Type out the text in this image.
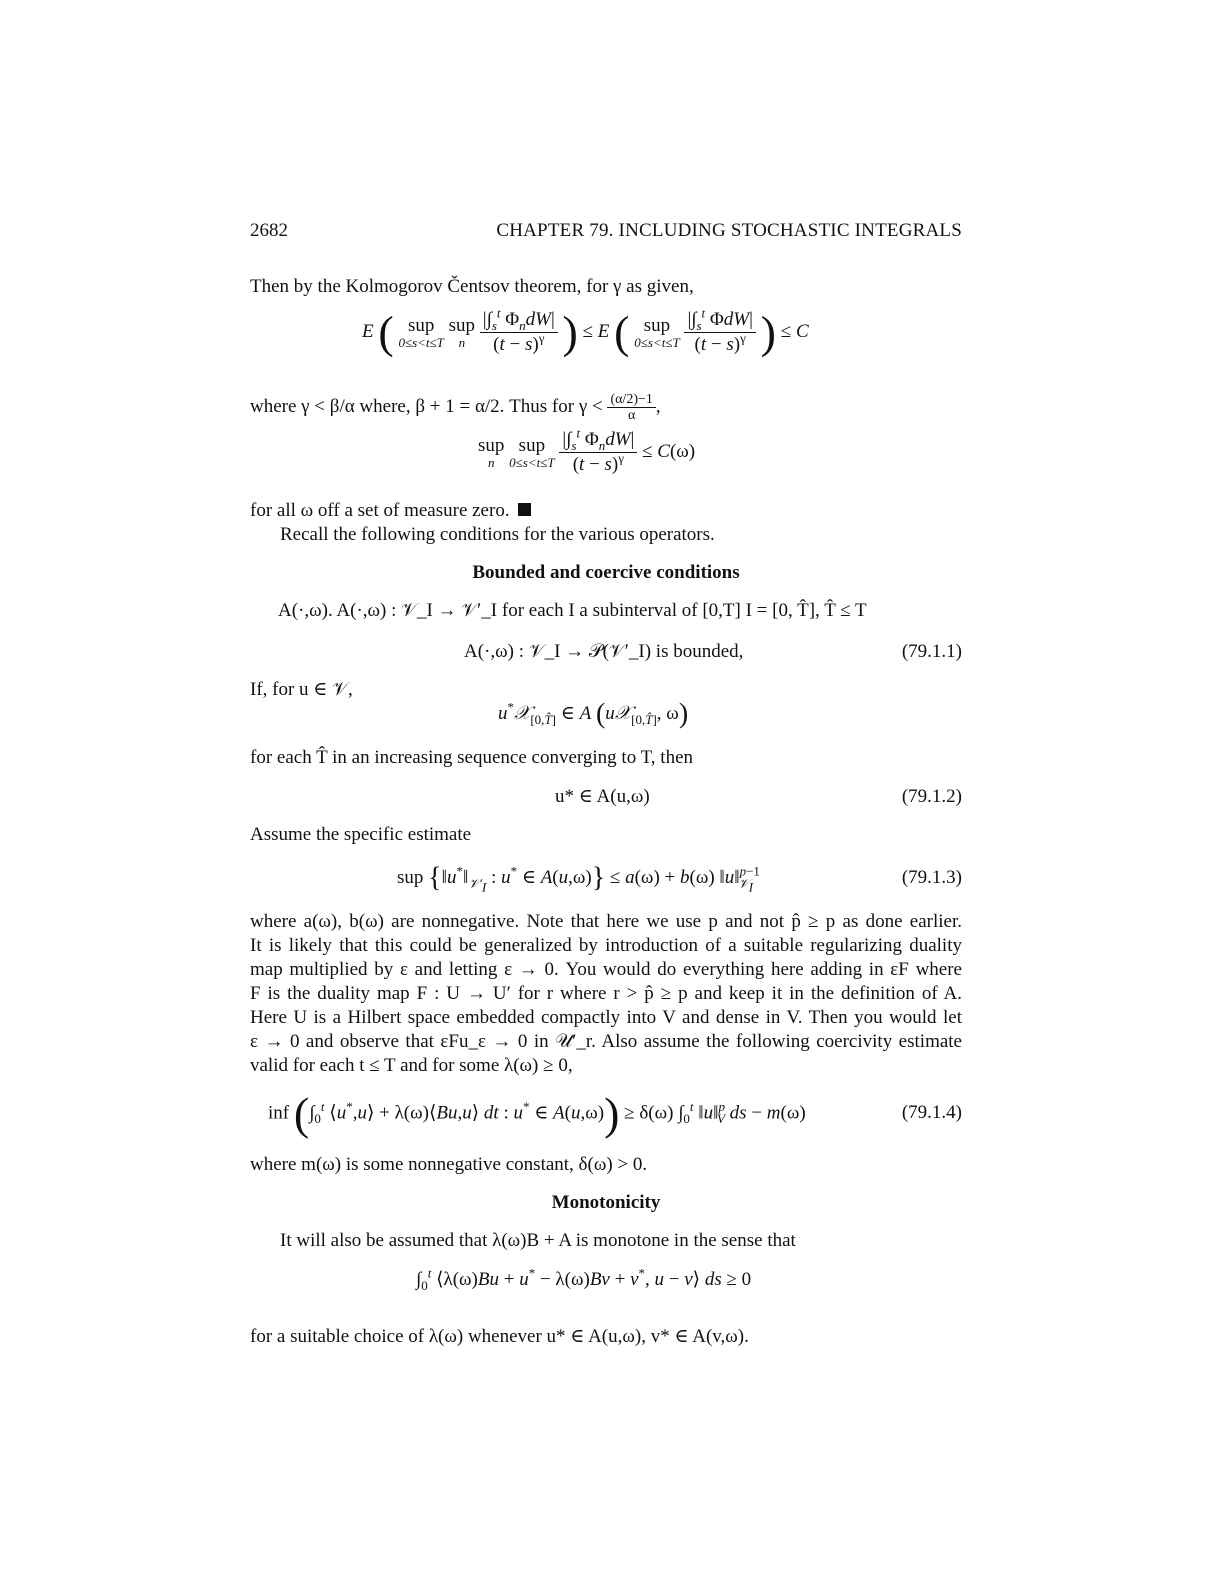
2682	CHAPTER 79. INCLUDING STOCHASTIC INTEGRALS
Then by the Kolmogorov Čentsov theorem, for γ as given,
E ( sup
0≤s<t≤T

sup
n
$\frac{|\int_s^t \Phi_ndW|}{(t - s)^\gamma}$ ) ≤ E ( sup
0≤s<t≤T
$\frac{|\int_s^t \Phi dW|}{(t - s)^\gamma}$ ) ≤ C
where γ < β/α where, β + 1 = α/2. Thus for $\gamma < \frac{(\alpha/2)-1}{\alpha}$ ,
sup
n

sup
0≤s<t≤T
$\frac{|\int_s^t \Phi_ndW|}{(t - s)^\gamma} \le C(\omega)$
for all ω off a set of measure zero.
Recall the following conditions for the various operators.
Bounded and coercive conditions
A(·,ω). A(·,ω) : 𝒱_I → 𝒱′_I for each I a subinterval of [0,T] I = [0, T̂], T̂ ≤ T
A(·,ω) : 𝒱_I → 𝒫(𝒱′_I) is bounded,	(79.1.1)
If, for u ∈ 𝒱,
u*𝒳$_{[0,T̂]}$ ∈ A (u𝒳$_{[0,T̂]}$, ω)
for each T̂ in an increasing sequence converging to T, then
u* ∈ A(u,ω)	(79.1.2)
Assume the specific estimate
sup {$‖u^*‖_{𝒱'_I}$ : u* ∈ A(u,ω)} ≤ a(ω) + b(ω) ‖u‖$^{p-1}_{𝒱_I}$	(79.1.3)
where a(ω), b(ω) are nonnegative. Note that here we use p and not p̂ ≥ p as done earlier.
It is likely that this could be generalized by introduction of a suitable regularizing duality
map multiplied by ε and letting ε → 0. You would do everything here adding in εF where
F is the duality map F : U → U′ for r where r > p̂ ≥ p and keep it in the definition of A.
Here U is a Hilbert space embedded compactly into V and dense in V. Then you would let
ε → 0 and observe that εFu_ε → 0 in 𝒰′_r. Also assume the following coercivity estimate
valid for each t ≤ T and for some λ(ω) ≥ 0,
inf ($\int_0^t$ ⟨u*,u⟩ + λ(ω)⟨Bu,u⟩ dt : u* ∈ A(u,ω)) ≥ δ(ω) $\int_0^t$ ‖u‖$^p_V$ ds − m(ω)	(79.1.4)
where m(ω) is some nonnegative constant, δ(ω) > 0.
Monotonicity
It will also be assumed that λ(ω)B + A is monotone in the sense that
$\int_0^t$ ⟨λ(ω)Bu + u* − λ(ω)Bv + v*, u − v⟩ ds ≥ 0
for a suitable choice of λ(ω) whenever u* ∈ A(u,ω), v* ∈ A(v,ω).
